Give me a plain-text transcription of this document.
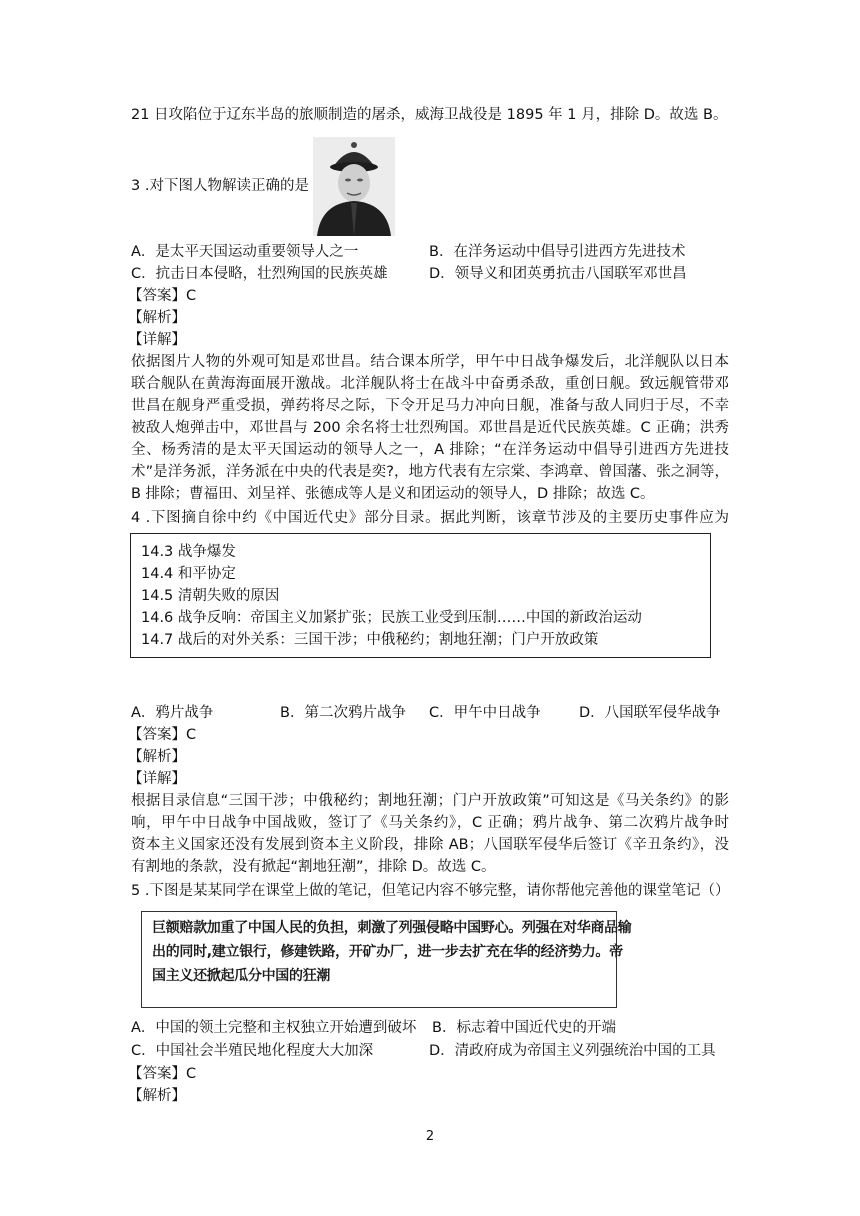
21 日攻陷位于辽东半岛的旅顺制造的屠杀，威海卫战役是 1895 年 1 月，排除 D。故选 B。
3 .对下图人物解读正确的是
A．是太平天国运动重要领导人之一	B．在洋务运动中倡导引进西方先进技术
C．抗击日本侵略，壮烈殉国的民族英雄	D．领导义和团英勇抗击八国联军邓世昌
【答案】C
【解析】
【详解】
依据图片人物的外观可知是邓世昌。结合课本所学，甲午中日战争爆发后，北洋舰队以日本
联合舰队在黄海海面展开激战。北洋舰队将士在战斗中奋勇杀敌，重创日舰。致远舰管带邓
世昌在舰身严重受损，弹药将尽之际，下令开足马力冲向日舰，准备与敌人同归于尽，不幸
被敌人炮弹击中，邓世昌与 200 余名将士壮烈殉国。邓世昌是近代民族英雄。C 正确；洪秀
全、杨秀清的是太平天国运动的领导人之一，A 排除；“在洋务运动中倡导引进西方先进技
术”是洋务派，洋务派在中央的代表是奕?，地方代表有左宗棠、李鸿章、曾国藩、张之洞等，
B 排除；曹福田、刘呈祥、张德成等人是义和团运动的领导人，D 排除；故选 C。
4 .下图摘自徐中约《中国近代史》部分目录。据此判断，该章节涉及的主要历史事件应为
14.3 战争爆发
14.4 和平协定
14.5 清朝失败的原因
14.6 战争反响：帝国主义加紧扩张；民族工业受到压制……中国的新政治运动
14.7 战后的对外关系：三国干涉；中俄秘约；割地狂潮；门户开放政策
A．鸦片战争	B．第二次鸦片战争 C．甲午中日战争	D．八国联军侵华战争
【答案】C
【解析】
【详解】
根据目录信息“三国干涉；中俄秘约；割地狂潮；门户开放政策”可知这是《马关条约》的影
响，甲午中日战争中国战败，签订了《马关条约》，C 正确；鸦片战争、第二次鸦片战争时
资本主义国家还没有发展到资本主义阶段，排除 AB；八国联军侵华后签订《辛丑条约》，没
有割地的条款，没有掀起“割地狂潮”，排除 D。故选 C。
5 .下图是某某同学在课堂上做的笔记，但笔记内容不够完整，请你帮他完善他的课堂笔记（）
巨额赔款加重了中国人民的负担，刺激了列强侵略中国野心。列强在对华商品输
出的同时,建立银行，修建铁路，开矿办厂，进一步去扩充在华的经济势力。帝
国主义还掀起瓜分中国的狂潮
A．中国的领土完整和主权独立开始遭到破坏 B．标志着中国近代史的开端
C．中国社会半殖民地化程度大大加深	D．清政府成为帝国主义列强统治中国的工具
【答案】C
【解析】
2
